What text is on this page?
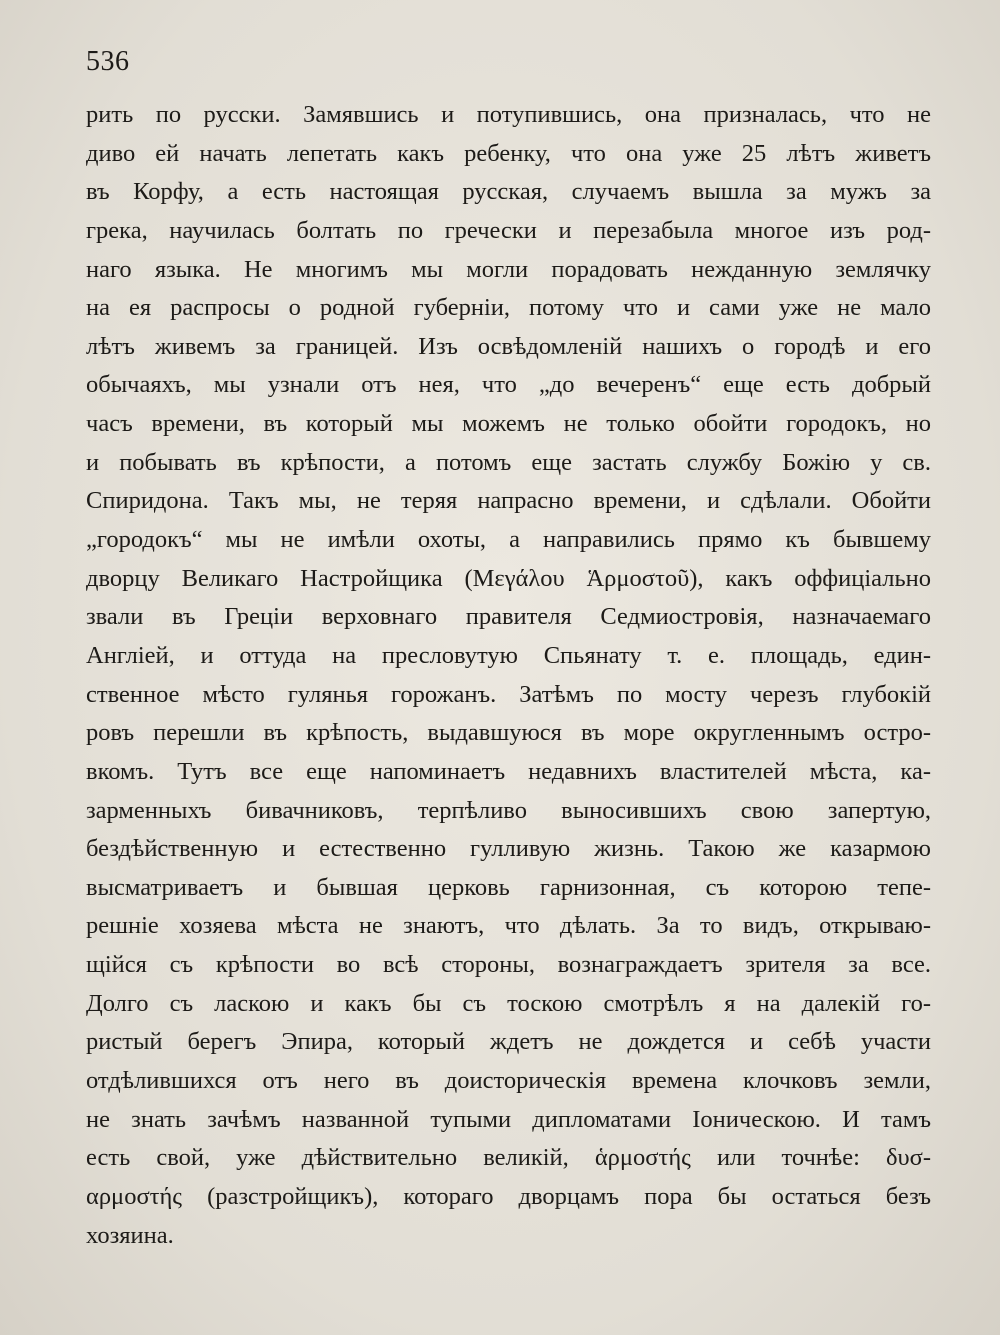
536

рить по русски. Замявшись и потупившись, она призналась, что не
диво ей начать лепетать какъ ребенку, что она уже 25 лѣтъ живетъ
въ Корфу, а есть настоящая русская, случаемъ вышла за мужъ за
грека, научилась болтать по гречески и перезабыла многое изъ род-
наго языка. Не многимъ мы могли порадовать нежданную землячку
на ея распросы о родной губерніи, потому что и сами уже не мало
лѣтъ живемъ за границей. Изъ освѣдомленій нашихъ о городѣ и его
обычаяхъ, мы узнали отъ нея, что „до вечеренъ“ еще есть добрый
часъ времени, въ который мы можемъ не только обойти городокъ, но
и побывать въ крѣпости, а потомъ еще застать службу Божію у св.
Спиридона. Такъ мы, не теряя напрасно времени, и сдѣлали. Обойти
„городокъ“ мы не имѣли охоты, а направились прямо къ бывшему
дворцу Великаго Настройщика (Μεγάλου Ἁρμοστοῦ), какъ оффиціально
звали въ Греціи верховнаго правителя Седмиостровія, назначаемаго
Англіей, и оттуда на пресловутую Спьянату т. е. площадь, един-
ственное мѣсто гулянья горожанъ. Затѣмъ по мосту черезъ глубокій
ровъ перешли въ крѣпость, выдавшуюся въ море округленнымъ остро-
вкомъ. Тутъ все еще напоминаетъ недавнихъ властителей мѣста, ка-
зарменныхъ бивачниковъ, терпѣливо выносившихъ свою запертую,
бездѣйственную и естественно гулливую жизнь. Такою же казармою
высматриваетъ и бывшая церковь гарнизонная, съ которою тепе-
решніе хозяева мѣста не знаютъ, что дѣлать. За то видъ, открываю-
щійся съ крѣпости во всѣ стороны, вознаграждаетъ зрителя за все.
Долго съ ласкою и какъ бы съ тоскою смотрѣлъ я на далекій го-
ристый берегъ Эпира, который ждетъ не дождется и себѣ участи
отдѣлившихся отъ него въ доисторическія времена клочковъ земли,
не знать зачѣмъ названной тупыми дипломатами Іоническою. И тамъ
есть свой, уже дѣйствительно великій, ἁρμοστής или точнѣе: δυσ-
αρμοστής (разстройщикъ), котораго дворцамъ пора бы остаться безъ
хозяина.
